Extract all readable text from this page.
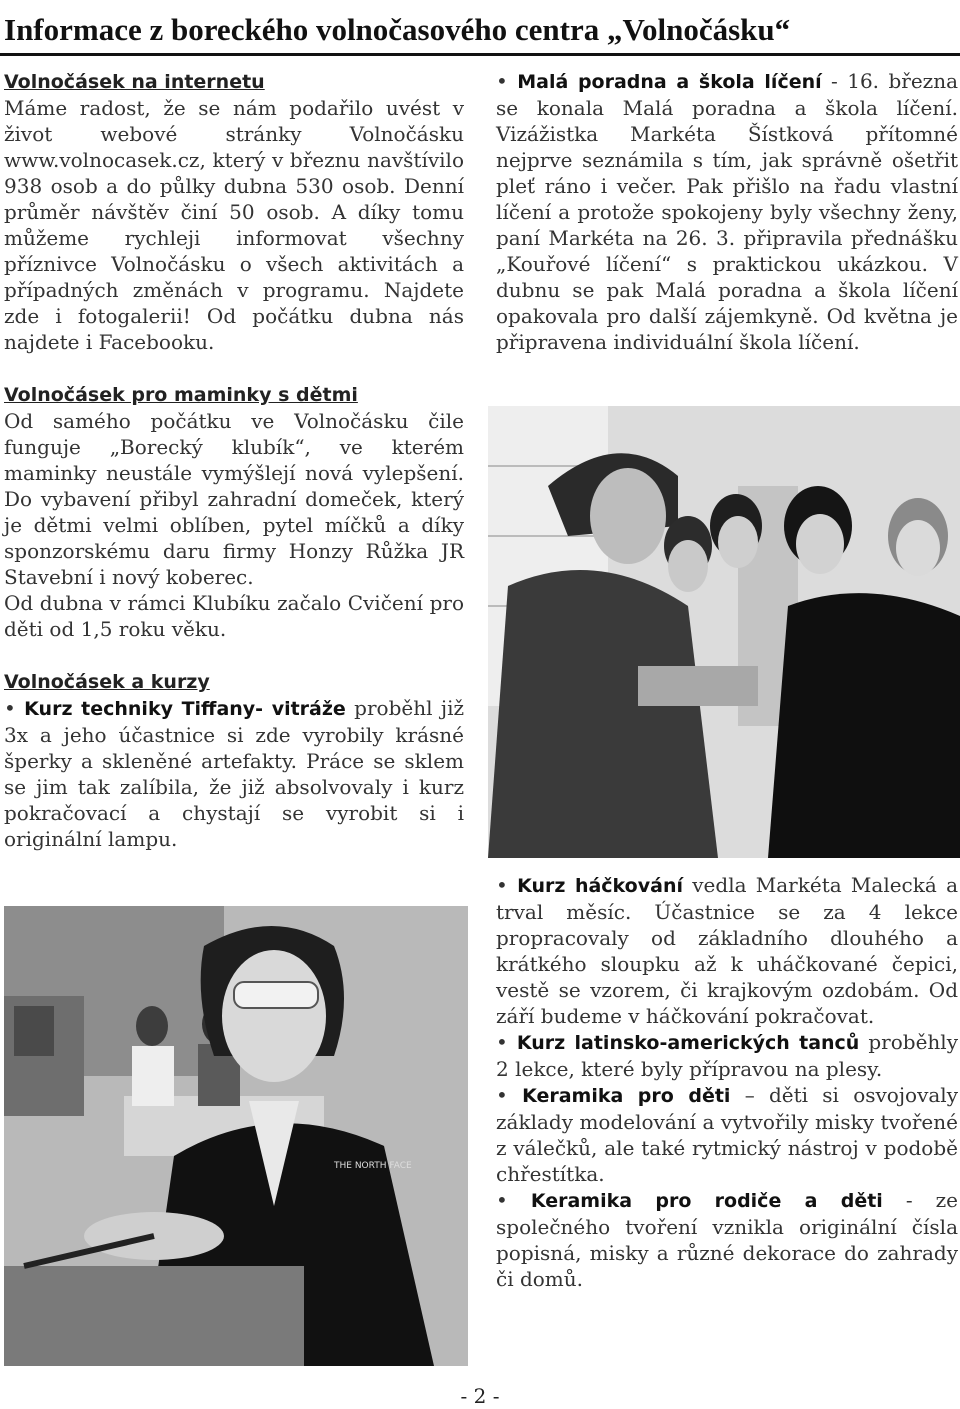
Informace z boreckého volnočasového centra „Volnočásku“

Volnočásek na internetu

Máme radost, že se nám podařilo uvést v život webové stránky Volnočásku www.volnocasek.cz, který v březnu navštívilo 938 osob a do půlky dubna 530 osob. Denní průměr návštěv činí 50 osob. A díky tomu můžeme rychleji informovat všechny příznivce Volnočásku o všech aktivitách a případných změnách v programu. Najdete zde i fotogalerii! Od počátku dubna nás najdete i Facebooku.

Volnočásek pro maminky s dětmi

Od samého počátku ve Volnočásku čile funguje „Borecký klubík“, ve kterém maminky neustále vymýšlejí nová vylepšení. Do vybavení přibyl zahradní domeček, který je dětmi velmi oblíben, pytel míčků a díky sponzorskému daru firmy Honzy Růžka JR Stavební i nový koberec.

Od dubna v rámci Klubíku začalo Cvičení pro děti od 1,5 roku věku.

Volnočásek a kurzy

• Kurz techniky Tiffany- vitráže proběhl již 3x a jeho účastnice si zde vyrobily krásné šperky a skleněné artefakty. Práce se sklem se jim tak zalíbila, že již absolvovaly i kurz pokračovací a chystají se vyrobit si i originální lampu.

THE NORTH FACE

• Malá poradna a škola líčení - 16. března se konala Malá poradna a škola líčení. Vizážistka Markéta Šístková přítomné nejprve seznámila s tím, jak správně ošetřit pleť ráno i večer. Pak přišlo na řadu vlastní líčení a protože spokojeny byly všechny ženy, paní Markéta na 26. 3. připravila přednášku „Kouřové líčení“ s praktickou ukázkou. V dubnu se pak Malá poradna a škola líčení opakovala pro další zájemkyně. Od května je připravena individuální škola líčení.

• Kurz háčkování vedla Markéta Malecká a trval měsíc. Účastnice se za 4 lekce propracovaly od základního dlouhého a krátkého sloupku až k uháčkované čepici, vestě se vzorem, či krajkovým ozdobám. Od září budeme v háčkování pokračovat.

• Kurz latinsko-amerických tanců proběhly 2 lekce, které byly přípravou na plesy.

• Keramika pro děti – děti si osvojovaly základy modelování a vytvořily misky tvořené z válečků, ale také rytmický nástroj v podobě chřestítka.

• Keramika pro rodiče a děti - ze společného tvoření vznikla originální čísla popisná, misky a různé dekorace do zahrady či domů.

- 2 -
